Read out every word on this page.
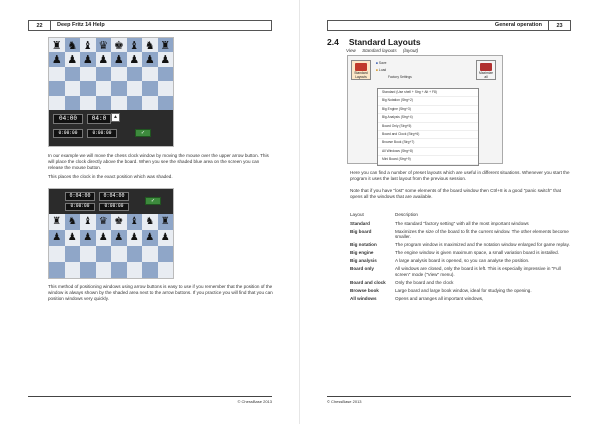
22	Deep Fritz 14 Help
♜ ♞ ♝ ♛ ♚ ♝ ♞ ♜
♟ ♟ ♟ ♟ ♟ ♟ ♟ ♟
04:00	04:0	▲
0:00:00	0:00:00	✓
In our example we will move the chess clock window by moving the mouse over the upper arrow button. This will place the clock directly above the board. When you see the shaded blue area on the screen you can release the mouse button.
This places the clock in the exact position which was shaded.
0:04:00	0:04:00
0:00:00	0:00:00
✓
♜ ♞ ♝ ♛ ♚ ♝ ♞ ♜
♟ ♟ ♟ ♟ ♟ ♟ ♟ ♟
This method of positioning windows using arrow buttons is easy to use if you remember that the position of the window is always shown by the shaded area next to the arrow buttons. If you practice you will find that you can position windows very quickly.
© ChessBase 2013
General operation	23
2.4 Standard Layouts
View Standard layouts (layout)
Standard Layouts
Maximize all
■ Save
■ Load
Factory Settings
Standard (Use shell + Strg + Alt + F8)
Big Notation (Strg+2)
Big Engine (Strg+3)
Big Analysis (Strg+4)
Board Only (Strg+5)
Board and Clock (Strg+6)
Browse Book (Strg+7)
All Windows (Strg+8)
Mini Board (Strg+9)
Here you can find a number of preset layouts which are useful in different situations. Whenever you start the program it uses the last layout from the previous session.
Note that if you have "lost" some elements of the board window then Ctrl+8 is a good "panic switch" that opens all the windows that are available.
Layout	Description
Standard	The standard "factory setting" with all the most important windows
Big board	Maximizes the size of the board to fit the current window. The other elements become smaller.
Big notation	The program window is maximized and the notation window enlarged for game replay.
Big engine	The engine window is given maximum space, a small variation board is installed.
Big analysis	A large analysis board is opened, so you can analyse the position.
Board only	All windows are closed, only the board is left. This is especially impressive in "Full screen" mode ("View" menu).
Board and clock	Only the board and the clock
Browse book	Large board and large book window, ideal for studying the opening.
All windows	Opens and arranges all important windows,
© ChessBase 2013
